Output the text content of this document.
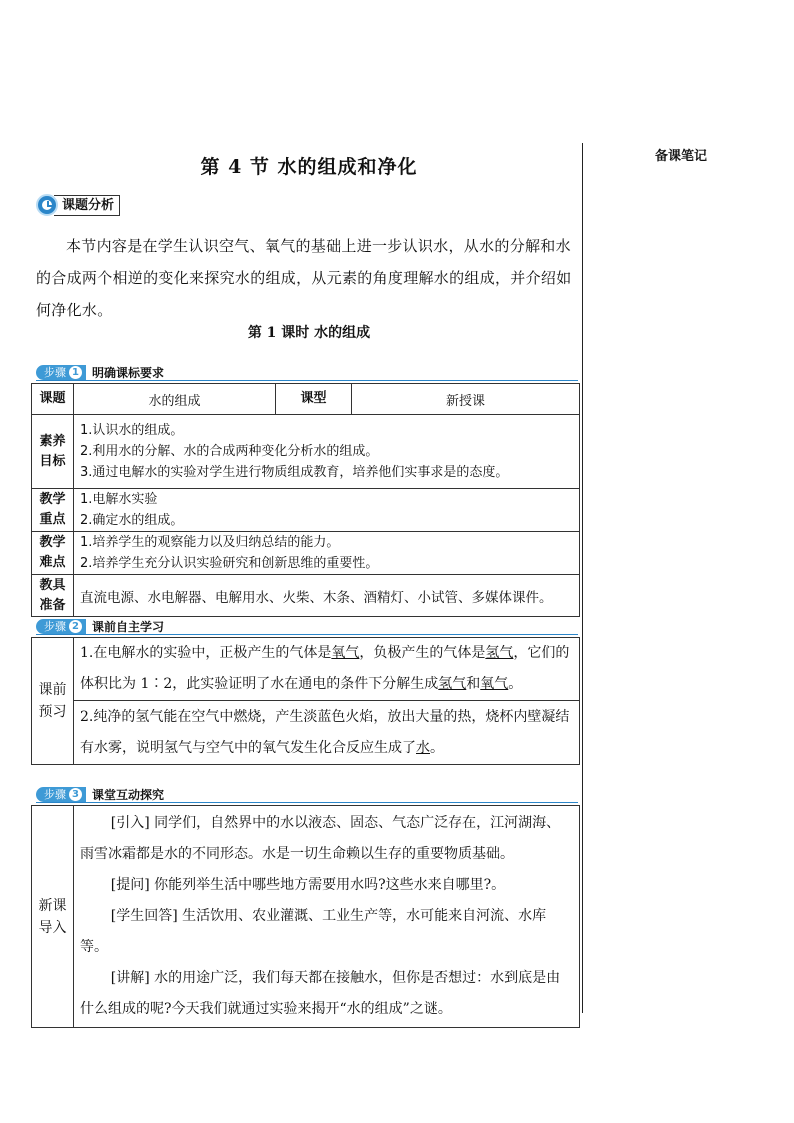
备课笔记
第 4 节 水的组成和净化
课题分析
本节内容是在学生认识空气、氧气的基础上进一步认识水，从水的分解和水的合成两个相逆的变化来探究水的组成，从元素的角度理解水的组成，并介绍如何净化水。
第 1 课时 水的组成
步骤 1 明确课标要求
课题	水的组成	课型	新授课
素养目标	1.认识水的组成。
2.利用水的分解、水的合成两种变化分析水的组成。
3.通过电解水的实验对学生进行物质组成教育，培养他们实事求是的态度。		

教学重点	1.电解水实验
2.确定水的组成。		

教学难点	1.培养学生的观察能力以及归纳总结的能力。
2.培养学生充分认识实验研究和创新思维的重要性。		

教具准备	直流电源、水电解器、电解用水、火柴、木条、酒精灯、小试管、多媒体课件。		
步骤 2 课前自主学习
课前预习	1.在电解水的实验中，正极产生的气体是氧气，负极产生的气体是氢气，它们的体积比为 1∶2，此实验证明了水在通电的条件下分解生成氢气和氧气。
2.纯净的氢气能在空气中燃烧，产生淡蓝色火焰，放出大量的热，烧杯内壁凝结有水雾，说明氢气与空气中的氧气发生化合反应生成了水。
步骤 3 课堂互动探究
新课导入	
[引入] 同学们，自然界中的水以液态、固态、气态广泛存在，江河湖海、雨雪冰霜都是水的不同形态。水是一切生命赖以生存的重要物质基础。
[提问] 你能列举生活中哪些地方需要用水吗?这些水来自哪里?。
[学生回答] 生活饮用、农业灌溉、工业生产等，水可能来自河流、水库等。
[讲解] 水的用途广泛，我们每天都在接触水，但你是否想过：水到底是由什么组成的呢?今天我们就通过实验来揭开“水的组成”之谜。
